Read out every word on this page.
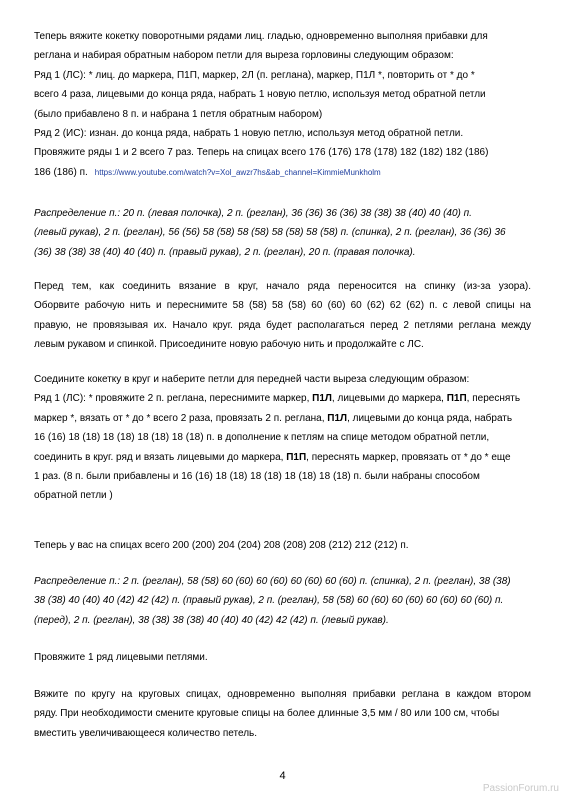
Теперь вяжите кокетку поворотными рядами лиц. гладью, одновременно выполняя прибавки для
реглана и набирая обратным набором петли для выреза горловины следующим образом:
Ряд 1 (ЛС): * лиц. до маркера, П1П, маркер, 2Л (п. реглана), маркер, П1Л *, повторить от * до *
всего 4 раза, лицевыми до конца ряда, набрать 1 новую петлю, используя метод обратной петли
(было прибавлено 8 п. и набрана 1 петля обратным набором)
Ряд 2 (ИС): изнан. до конца ряда, набрать 1 новую петлю, используя метод обратной петли.
Провяжите ряды 1 и 2 всего 7 раз. Теперь на спицах всего 176 (176) 178 (178) 182 (182) 182 (186)
186 (186) п. https://www.youtube.com/watch?v=Xol_awzr7hs&ab_channel=KimmieMunkholm
Распределение п.: 20 п. (левая полочка), 2 п. (реглан), 36 (36) 36 (36) 38 (38) 38 (40) 40 (40) п.
(левый рукав), 2 п. (реглан), 56 (56) 58 (58) 58 (58) 58 (58) 58 (58) п. (спинка), 2 п. (реглан), 36 (36) 36
(36) 38 (38) 38 (40) 40 (40) п. (правый рукав), 2 п. (реглан), 20 п. (правая полочка).
Перед тем, как соединить вязание в круг, начало ряда переносится на спинку (из-за узора).
Оборвите рабочую нить и переснимите 58 (58) 58 (58) 60 (60) 60 (62) 62 (62) п. с левой спицы на
правую, не провязывая их. Начало круг. ряда будет располагаться перед 2 петлями реглана между
левым рукавом и спинкой. Присоедините новую рабочую нить и продолжайте с ЛС.
Соедините кокетку в круг и наберите петли для передней части выреза следующим образом:
Ряд 1 (ЛС): * провяжите 2 п. реглана, переснимите маркер, П1Л, лицевыми до маркера, П1П, переснять
маркер *, вязать от * до * всего 2 раза, провязать 2 п. реглана, П1Л, лицевыми до конца ряда, набрать
16 (16) 18 (18) 18 (18) 18 (18) 18 (18) п. в дополнение к петлям на спице методом обратной петли,
соединить в круг. ряд и вязать лицевыми до маркера, П1П, переснять маркер, провязать от * до * еще
1 раз. (8 п. были прибавлены и 16 (16) 18 (18) 18 (18) 18 (18) 18 (18) п. были набраны способом
обратной петли )
Теперь у вас на спицах всего 200 (200) 204 (204) 208 (208) 208 (212) 212 (212) п.
Распределение п.: 2 п. (реглан), 58 (58) 60 (60) 60 (60) 60 (60) 60 (60) п. (спинка), 2 п. (реглан), 38 (38)
38 (38) 40 (40) 40 (42) 42 (42) п. (правый рукав), 2 п. (реглан), 58 (58) 60 (60) 60 (60) 60 (60) 60 (60) п.
(перед), 2 п. (реглан), 38 (38) 38 (38) 40 (40) 40 (42) 42 (42) п. (левый рукав).
Провяжите 1 ряд лицевыми петлями.
Вяжите по кругу на круговых спицах, одновременно выполняя прибавки реглана в каждом втором
ряду. При необходимости смените круговые спицы на более длинные 3,5 мм / 80 или 100 см, чтобы
вместить увеличивающееся количество петель.
4
PassionForum.ru
